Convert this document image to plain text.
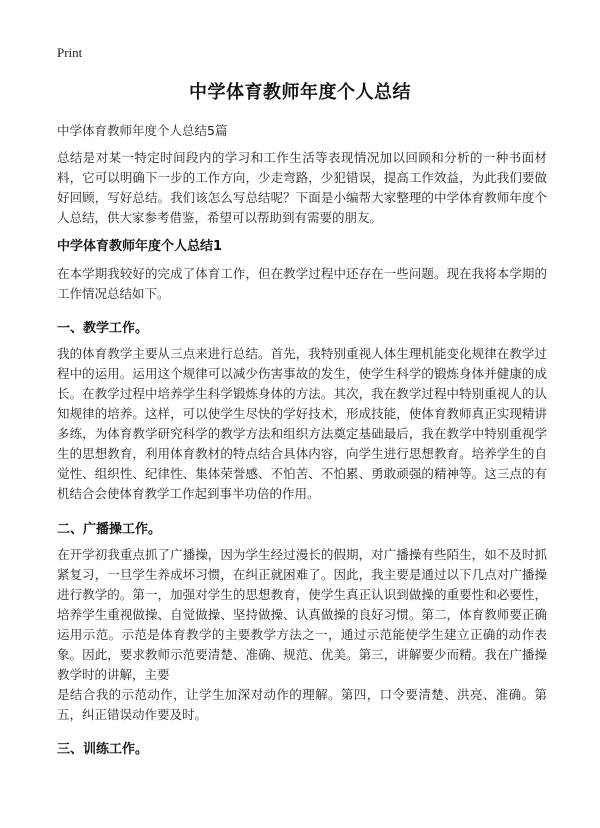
Print
中学体育教师年度个人总结
中学体育教师年度个人总结5篇
总结是对某一特定时间段内的学习和工作生活等表现情况加以回顾和分析的一种书面材料，它可以明确下一步的工作方向，少走弯路，少犯错误，提高工作效益，为此我们要做好回顾，写好总结。我们该怎么写总结呢？下面是小编帮大家整理的中学体育教师年度个人总结，供大家参考借鉴，希望可以帮助到有需要的朋友。
中学体育教师年度个人总结1
在本学期我较好的完成了体育工作，但在教学过程中还存在一些问题。现在我将本学期的工作情况总结如下。
一、教学工作。
我的体育教学主要从三点来进行总结。首先，我特别重视人体生理机能变化规律在教学过程中的运用。运用这个规律可以减少伤害事故的发生，使学生科学的锻炼身体并健康的成长。在教学过程中培养学生科学锻炼身体的方法。其次，我在教学过程中特别重视人的认知规律的培养。这样，可以使学生尽快的学好技术，形成技能，使体育教师真正实现精讲多练，为体育教学研究科学的教学方法和组织方法奠定基础最后，我在教学中特别重视学生的思想教育，利用体育教材的特点结合具体内容，向学生进行思想教育。培养学生的自觉性、组织性、纪律性、集体荣誉感、不怕苦、不怕累、勇敢顽强的精神等。这三点的有机结合会使体育教学工作起到事半功倍的作用。
二、广播操工作。
在开学初我重点抓了广播操，因为学生经过漫长的假期，对广播操有些陌生，如不及时抓紧复习，一旦学生养成坏习惯，在纠正就困难了。因此，我主要是通过以下几点对广播操进行教学的。第一，加强对学生的思想教育，使学生真正认识到做操的重要性和必要性，培养学生重视做操、自觉做操、坚持做操、认真做操的良好习惯。第二，体育教师要正确运用示范。示范是体育教学的主要教学方法之一，通过示范能使学生建立正确的动作表象。因此，要求教师示范要清楚、准确、规范、优美。第三，讲解要少而精。我在广播操教学时的讲解，主要
是结合我的示范动作，让学生加深对动作的理解。第四，口令要清楚、洪亮、准确。第五，纠正错误动作要及时。
三、训练工作。
